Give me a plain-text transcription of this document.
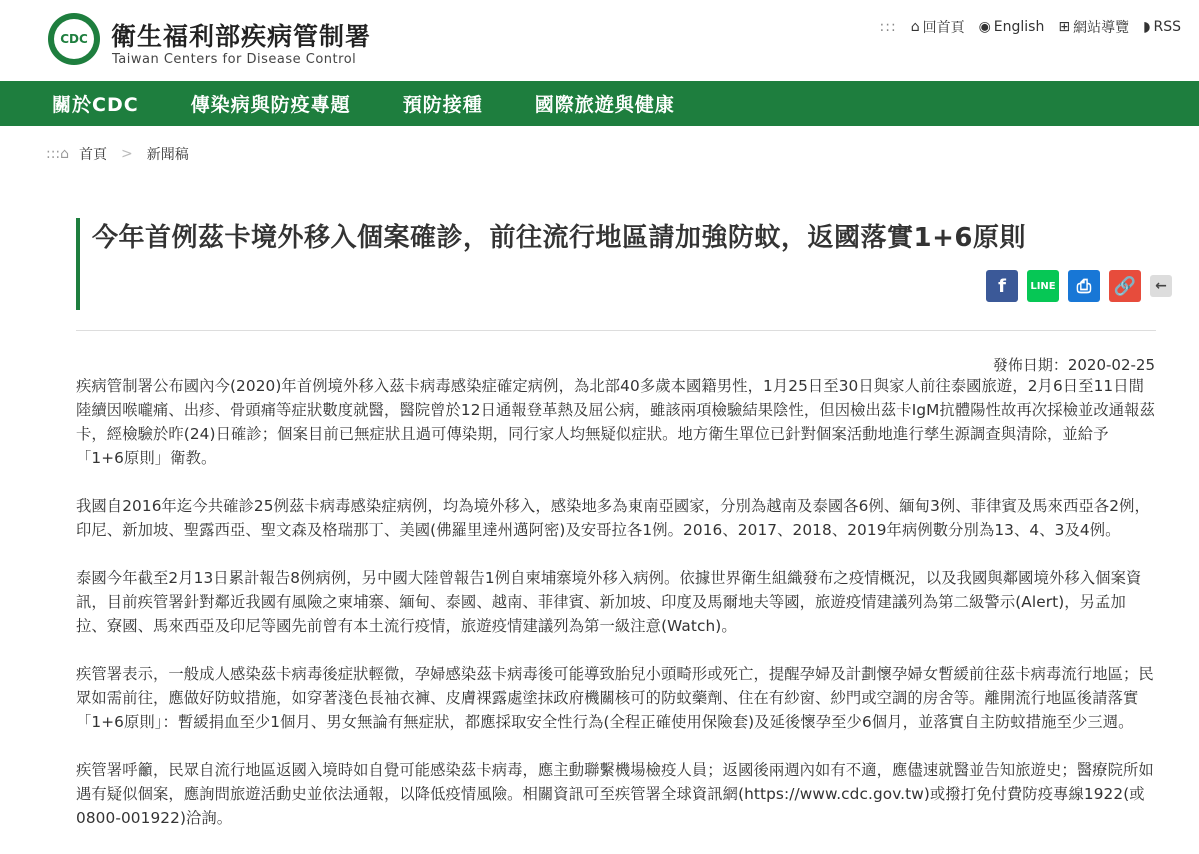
CDC 衛生福利部疾病管制署
Taiwan Centers for Disease Control
::: ⌂ 回首頁 ◉ English ⊞ 網站導覽 ◗ RSS
關於CDC	傳染病與防疫專題	預防接種	國際旅遊與健康
:::⌂ 首頁 > 新聞稿
今年首例茲卡境外移入個案確診，前往流行地區請加強防蚊，返國落實1+6原則
f	LINE	⎙	🔗	←
發佈日期：2020-02-25

疾病管制署公布國內今(2020)年首例境外移入茲卡病毒感染症確定病例，為北部40多歲本國籍男性，1月25日至30日與家人前往泰國旅遊，2月6日至11日間陸續因喉嚨痛、出疹、骨頭痛等症狀數度就醫，醫院曾於12日通報登革熱及屈公病，雖該兩項檢驗結果陰性，但因檢出茲卡IgM抗體陽性故再次採檢並改通報茲卡，經檢驗於昨(24)日確診；個案目前已無症狀且過可傳染期，同行家人均無疑似症狀。地方衛生單位已針對個案活動地進行孳生源調查與清除，並給予「1+6原則」衛教。

我國自2016年迄今共確診25例茲卡病毒感染症病例，均為境外移入，感染地多為東南亞國家，分別為越南及泰國各6例、緬甸3例、菲律賓及馬來西亞各2例，印尼、新加坡、聖露西亞、聖文森及格瑞那丁、美國(佛羅里達州邁阿密)及安哥拉各1例。2016、2017、2018、2019年病例數分別為13、4、3及4例。

泰國今年截至2月13日累計報告8例病例，另中國大陸曾報告1例自柬埔寨境外移入病例。依據世界衛生組織發布之疫情概況，以及我國與鄰國境外移入個案資訊，目前疾管署針對鄰近我國有風險之柬埔寨、緬甸、泰國、越南、菲律賓、新加坡、印度及馬爾地夫等國，旅遊疫情建議列為第二級警示(Alert)，另孟加拉、寮國、馬來西亞及印尼等國先前曾有本土流行疫情，旅遊疫情建議列為第一級注意(Watch)。

疾管署表示，一般成人感染茲卡病毒後症狀輕微，孕婦感染茲卡病毒後可能導致胎兒小頭畸形或死亡，提醒孕婦及計劃懷孕婦女暫緩前往茲卡病毒流行地區；民眾如需前往，應做好防蚊措施，如穿著淺色長袖衣褲、皮膚裸露處塗抹政府機關核可的防蚊藥劑、住在有紗窗、紗門或空調的房舍等。離開流行地區後請落實「1+6原則」：暫緩捐血至少1個月、男女無論有無症狀，都應採取安全性行為(全程正確使用保險套)及延後懷孕至少6個月，並落實自主防蚊措施至少三週。

疾管署呼籲，民眾自流行地區返國入境時如自覺可能感染茲卡病毒，應主動聯繫機場檢疫人員；返國後兩週內如有不適，應儘速就醫並告知旅遊史；醫療院所如遇有疑似個案，應詢問旅遊活動史並依法通報，以降低疫情風險。相關資訊可至疾管署全球資訊網(https://www.cdc.gov.tw)或撥打免付費防疫專線1922(或0800-001922)洽詢。
